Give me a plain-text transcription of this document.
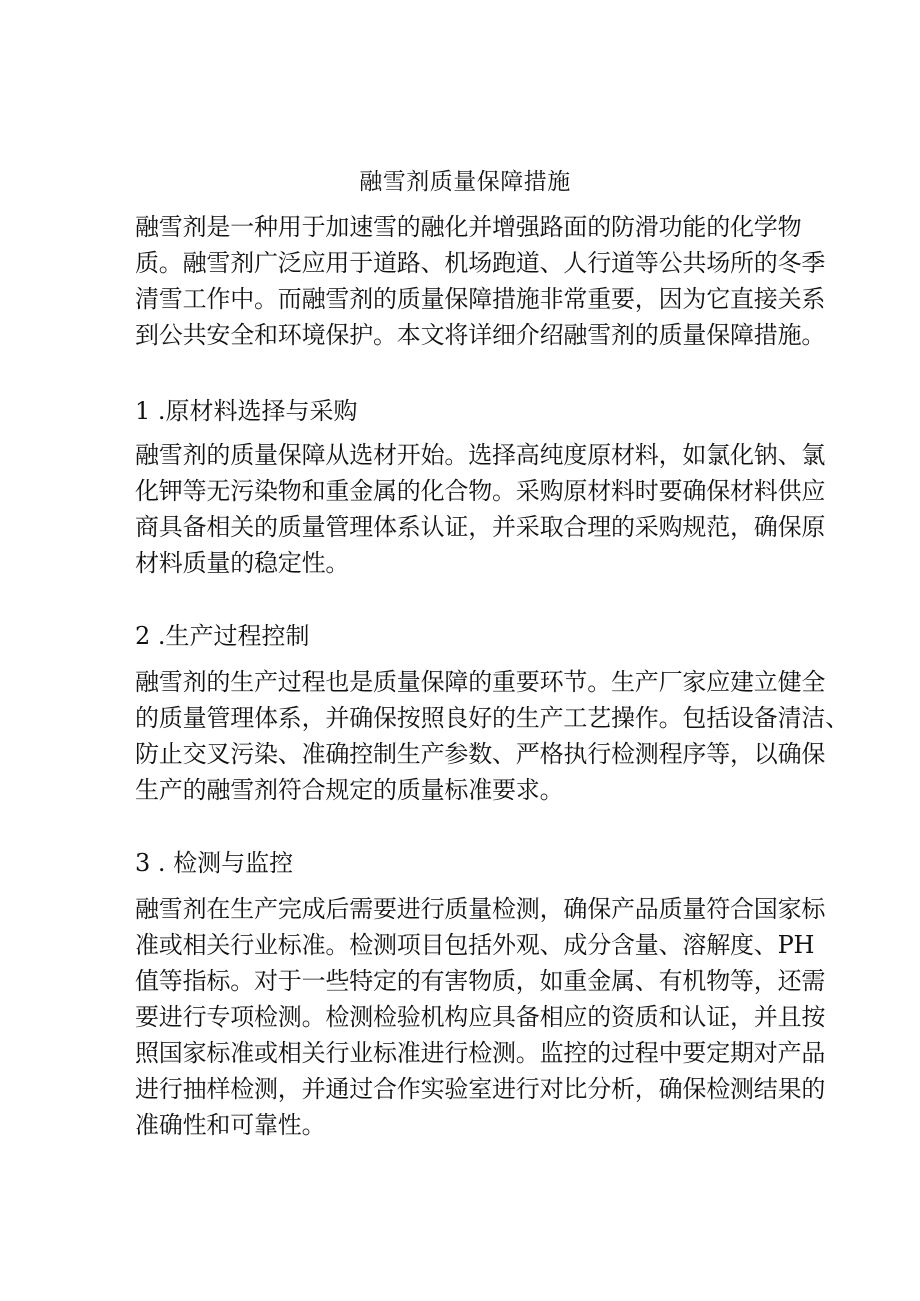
融雪剂质量保障措施
融雪剂是一种用于加速雪的融化并增强路面的防滑功能的化学物
质。融雪剂广泛应用于道路、机场跑道、人行道等公共场所的冬季
清雪工作中。而融雪剂的质量保障措施非常重要，因为它直接关系
到公共安全和环境保护。本文将详细介绍融雪剂的质量保障措施。
1 .原材料选择与采购
融雪剂的质量保障从选材开始。选择高纯度原材料，如氯化钠、氯
化钾等无污染物和重金属的化合物。采购原材料时要确保材料供应
商具备相关的质量管理体系认证，并采取合理的采购规范，确保原
材料质量的稳定性。
2 .生产过程控制
融雪剂的生产过程也是质量保障的重要环节。生产厂家应建立健全
的质量管理体系，并确保按照良好的生产工艺操作。包括设备清洁、
防止交叉污染、准确控制生产参数、严格执行检测程序等，以确保
生产的融雪剂符合规定的质量标准要求。
3 . 检测与监控
融雪剂在生产完成后需要进行质量检测，确保产品质量符合国家标
准或相关行业标准。检测项目包括外观、成分含量、溶解度、PH
值等指标。对于一些特定的有害物质，如重金属、有机物等，还需
要进行专项检测。检测检验机构应具备相应的资质和认证，并且按
照国家标准或相关行业标准进行检测。监控的过程中要定期对产品
进行抽样检测，并通过合作实验室进行对比分析，确保检测结果的
准确性和可靠性。
